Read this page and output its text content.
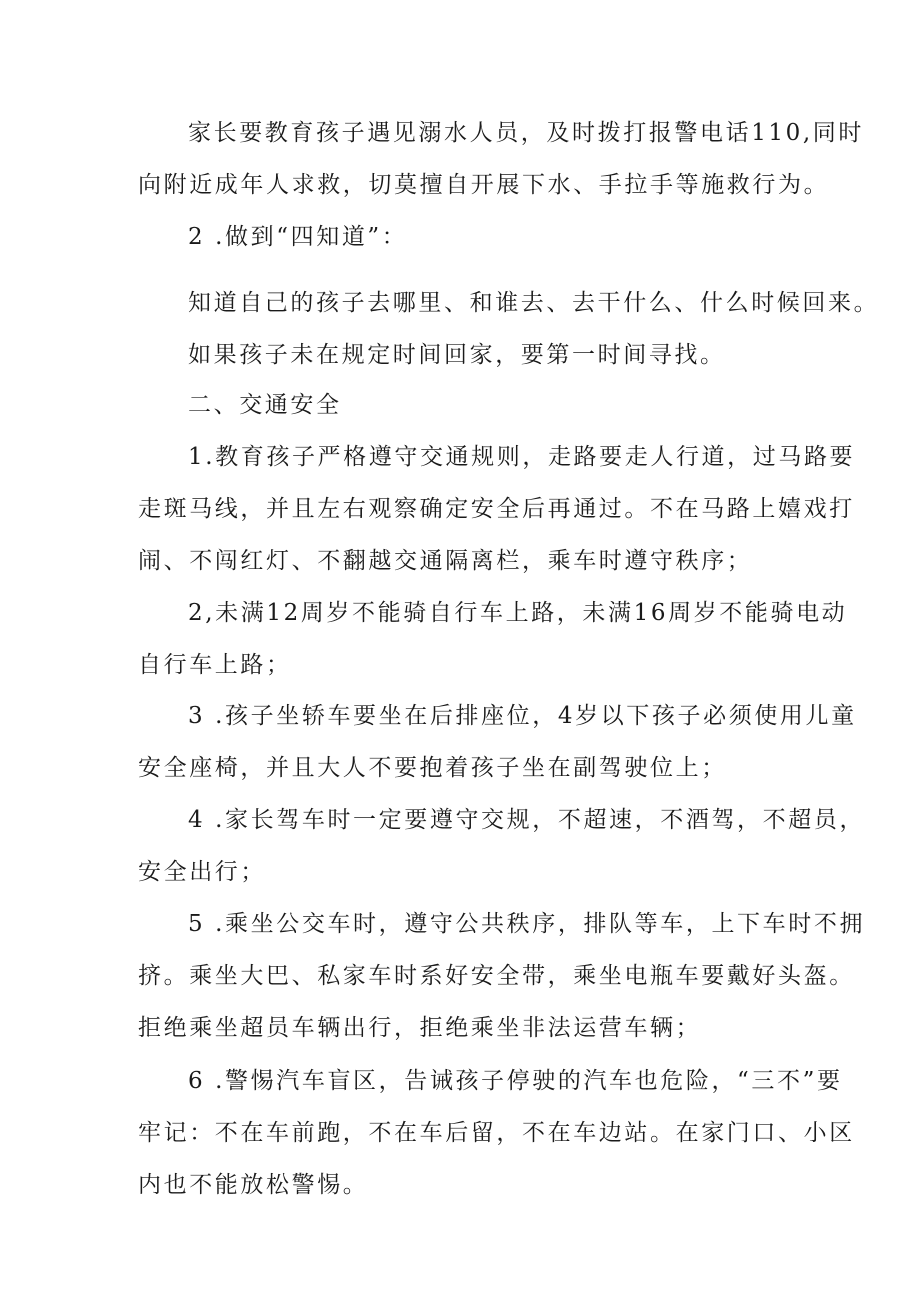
家长要教育孩子遇见溺水人员，及时拨打报警电话110,同时
向附近成年人求救，切莫擅自开展下水、手拉手等施救行为。
2 .做到“四知道”：
知道自己的孩子去哪里、和谁去、去干什么、什么时候回来。
如果孩子未在规定时间回家，要第一时间寻找。
二、交通安全
1.教育孩子严格遵守交通规则，走路要走人行道，过马路要
走斑马线，并且左右观察确定安全后再通过。不在马路上嬉戏打
闹、不闯红灯、不翻越交通隔离栏，乘车时遵守秩序；
2,未满12周岁不能骑自行车上路，未满16周岁不能骑电动
自行车上路；
3 .孩子坐轿车要坐在后排座位，4岁以下孩子必须使用儿童
安全座椅，并且大人不要抱着孩子坐在副驾驶位上；
4 .家长驾车时一定要遵守交规，不超速，不酒驾，不超员，
安全出行；
5 .乘坐公交车时，遵守公共秩序，排队等车，上下车时不拥
挤。乘坐大巴、私家车时系好安全带，乘坐电瓶车要戴好头盔。
拒绝乘坐超员车辆出行，拒绝乘坐非法运营车辆；
6 .警惕汽车盲区，告诫孩子停驶的汽车也危险，“三不”要
牢记：不在车前跑，不在车后留，不在车边站。在家门口、小区
内也不能放松警惕。
